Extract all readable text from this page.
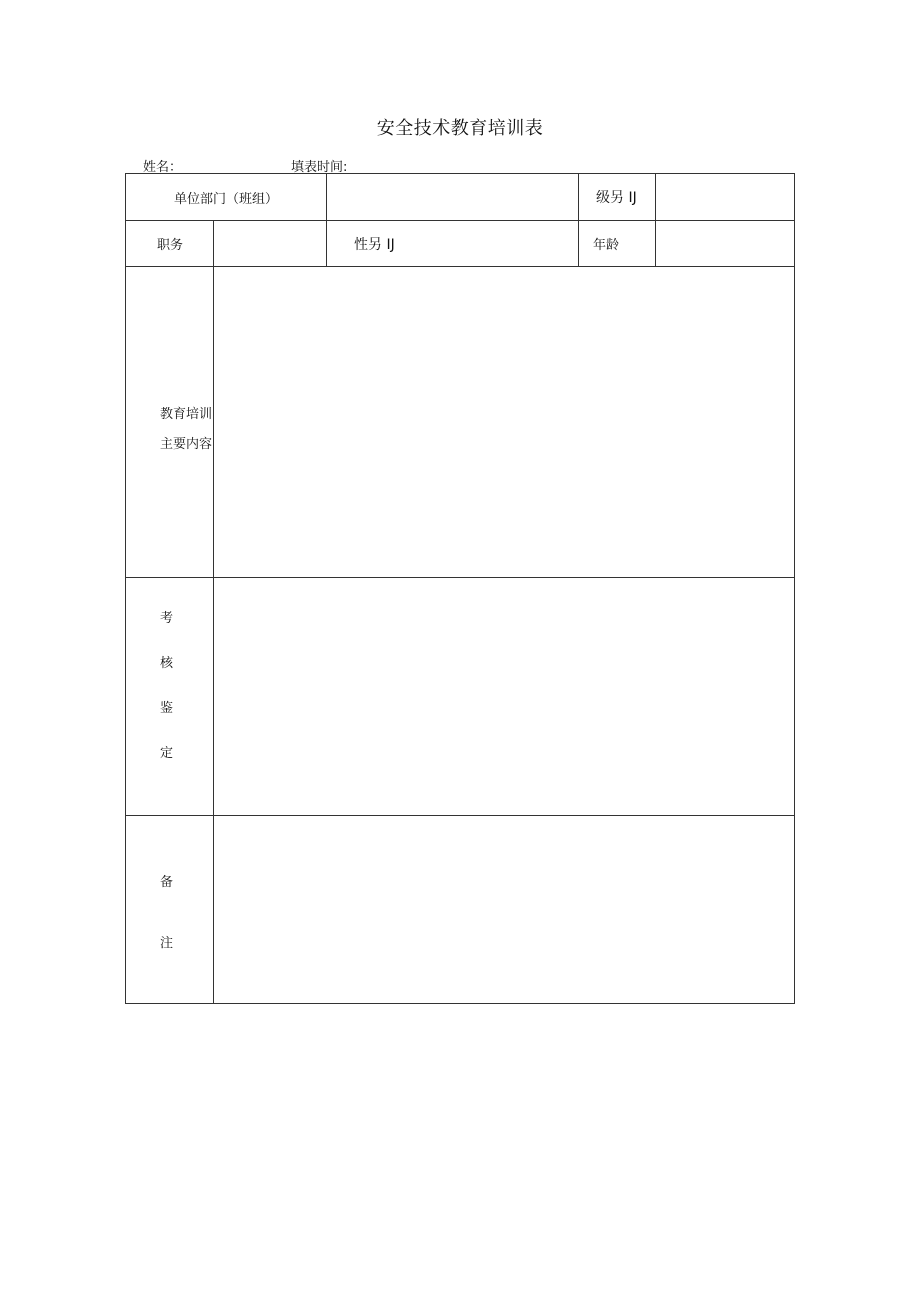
安全技术教育培训表
姓名：	填表时间:
单位部门（班组）	级另 IJ
职务	性另 IJ	年龄
教育培训
主要内容
考
核
鉴
定
备
注
